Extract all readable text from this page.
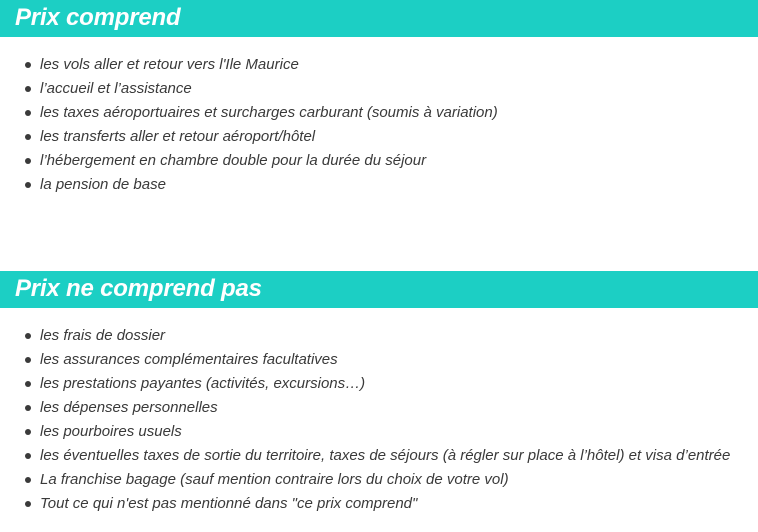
Prix comprend
les vols aller et retour vers l'Ile Maurice
l’accueil et l’assistance
les taxes aéroportuaires et surcharges carburant (soumis à variation)
les transferts aller et retour aéroport/hôtel
l’hébergement en chambre double pour la durée du séjour
la pension de base
Prix ne comprend pas
les frais de dossier
les assurances complémentaires facultatives
les prestations payantes (activités, excursions…)
les dépenses personnelles
les pourboires usuels
les éventuelles taxes de sortie du territoire, taxes de séjours (à régler sur place à l’hôtel) et visa d’entrée
La franchise bagage (sauf mention contraire lors du choix de votre vol)
Tout ce qui n'est pas mentionné dans "ce prix comprend"
